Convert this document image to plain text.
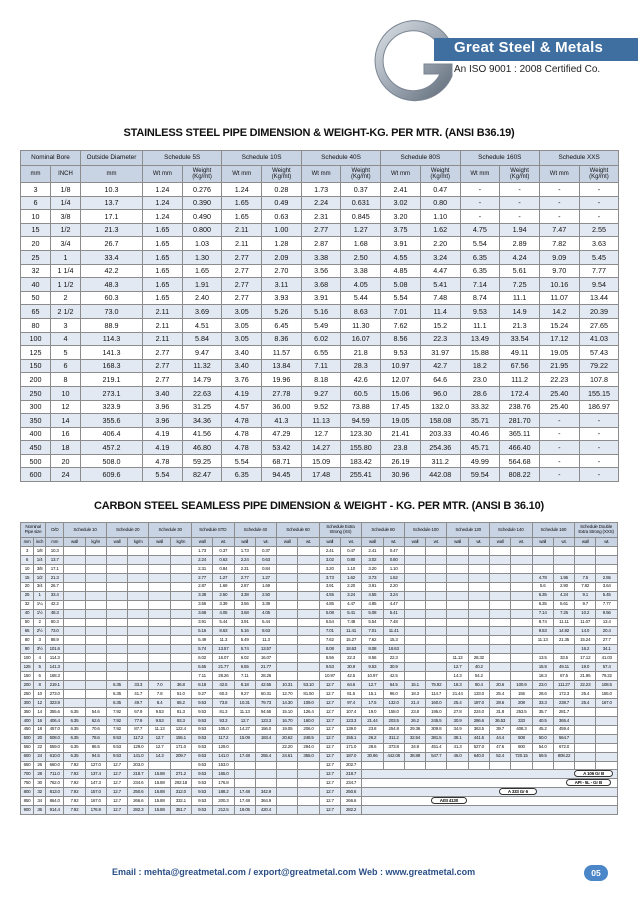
Great Steel & Metals
An ISO 9001 : 2008 Certified Co.
STAINLESS STEEL PIPE DIMENSION & WEIGHT-KG. PER MTR. (ANSI B36.19)
Nominal Bore		Outside Diameter	Schedule 5S		Schedule 10S		Schedule 40S		Schedule 80S		Schedule 160S		Schedule XXS	
mm	INCH	mm	Wt mm	Weight (Kg/mt)	Wt mm	Weight (Kg/mt)	Wt mm	Weight (Kg/mt)	Wt mm	Weight (Kg/mt)	Wt mm	Weight (Kg/mt)	Wt mm	Weight (Kg/mt)
3	1/8	10.3	1.24	0.276	1.24	0.28	1.73	0.37	2.41	0.47	-	-	-	-
6	1/4	13.7	1.24	0.390	1.65	0.49	2.24	0.631	3.02	0.80	-	-	-	-
10	3/8	17.1	1.24	0.490	1.65	0.63	2.31	0.845	3.20	1.10	-	-	-	-
15	1/2	21.3	1.65	0.800	2.11	1.00	2.77	1.27	3.75	1.62	4.75	1.94	7.47	2.55
20	3/4	26.7	1.65	1.03	2.11	1.28	2.87	1.68	3.91	2.20	5.54	2.89	7.82	3.63
25	1	33.4	1.65	1.30	2.77	2.09	3.38	2.50	4.55	3.24	6.35	4.24	9.09	5.45
32	1 1/4	42.2	1.65	1.65	2.77	2.70	3.56	3.38	4.85	4.47	6.35	5.61	9.70	7.77
40	1 1/2	48.3	1.65	1.91	2.77	3.11	3.68	4.05	5.08	5.41	7.14	7.25	10.16	9.54
50	2	60.3	1.65	2.40	2.77	3.93	3.91	5.44	5.54	7.48	8.74	11.1	11.07	13.44
65	2 1/2	73.0	2.11	3.69	3.05	5.26	5.16	8.63	7.01	11.4	9.53	14.9	14.2	20.39
80	3	88.9	2.11	4.51	3.05	6.45	5.49	11.30	7.62	15.2	11.1	21.3	15.24	27.65
100	4	114.3	2.11	5.84	3.05	8.36	6.02	16.07	8.56	22.3	13.49	33.54	17.12	41.03
125	5	141.3	2.77	9.47	3.40	11.57	6.55	21.8	9.53	31.97	15.88	49.11	19.05	57.43
150	6	168.3	2.77	11.32	3.40	13.84	7.11	28.3	10.97	42.7	18.2	67.56	21.95	79.22
200	8	219.1	2.77	14.79	3.76	19.96	8.18	42.6	12.07	64.6	23.0	111.2	22.23	107.8
250	10	273.1	3.40	22.63	4.19	27.78	9.27	60.5	15.06	96.0	28.6	172.4	25.40	155.15
300	12	323.9	3.96	31.25	4.57	36.00	9.52	73.88	17.45	132.0	33.32	238.76	25.40	186.97
350	14	355.6	3.96	34.36	4.78	41.3	11.13	94.59	19.05	158.08	35.71	281.70	-	-
400	16	406.4	4.19	41.56	4.78	47.29	12.7	123.30	21.41	203.33	40.46	365.11	-	-
450	18	457.2	4.19	46.80	4.78	53.42	14.27	155.80	23.8	254.36	45.71	466.40	-	-
500	20	508.0	4.78	59.25	5.54	68.71	15.09	183.42	26.19	311.2	49.99	564.68	-	-
600	24	609.6	5.54	82.47	6.35	94.45	17.48	255.41	30.96	442.08	59.54	808.22	-	-
CARBON STEEL SEAMLESS PIPE DIMENSION & WEIGHT - KG. PER MTR. (ANSI B 36.10)
Nominal Pipe size		O/D	Schedule 10		Schedule 20		Schedule 30		Schedule STD		Schedule 40		Schedule 60		Schedule Extra Strong (XS)		Schedule 80		Schedule 100		Schedule 120		Schedule 140		Schedule 160		Schedule Double Extra Strong (XXS)	
mm	inch	mm	wall	kg/m	wall	kg/m	wall	kg/m	wall	wt.	wall	wt.	wall	wt.	wall	wt.	wall	wt.	wall	wt.	wall	wt.	wall	wt.	wall	wt.	wall	wt.
3	1/8	10.3							1.73	0.37	1.73	0.37			2.41	0.47	2.41	0.47										
6	1/4	13.7							2.24	0.63	2.24	0.63			3.02	0.80	3.02	0.80										
10	3/8	17.1							2.31	0.84	2.31	0.84			3.20	1.10	3.20	1.10										
15	1/2	21.3							2.77	1.27	2.77	1.27			3.73	1.62	3.73	1.62							4.78	1.95	7.5	2.55
20	3/4	26.7							2.87	1.69	2.87	1.69			3.91	2.20	3.91	2.20							5.6	2.90	7.82	3.64
25	1	33.4							3.38	2.50	3.38	2.50			4.55	3.24	4.55	3.24							6.35	4.24	9.1	5.45
32	1¼	42.2							3.56	3.39	3.56	3.39			4.85	4.47	4.85	4.47							6.35	5.61	9.7	7.77
40	1½	48.3							3.68	4.05	3.68	4.05			5.08	5.41	5.08	5.41							7.14	7.25	10.2	9.56
50	2	60.3							3.91	5.44	3.91	5.44			5.54	7.48	5.54	7.48							8.74	11.11	11.07	13.4
65	2½	73.0							5.16	8.63	5.16	8.63			7.01	11.41	7.01	11.41							9.53	14.92	14.0	20.4
80	3	88.9							5.49	11.3	5.49	11.3			7.62	15.27	7.62	15.3							11.13	21.35	15.24	27.7
90	3½	101.6							5.74	13.57	5.74	13.57			8.08	18.63	8.08	18.63									16.2	34.1
100	4	114.3							6.02	16.07	6.02	16.07			8.56	22.3	8.56	22.3			11.13	28.32			13.5	33.5	17.12	41.03
125	5	141.3							6.55	21.77	6.55	21.77			9.53	30.9	9.53	30.9			12.7	40.2			15.9	49.11	19.0	57.4
150	6	168.3							7.11	28.26	7.11	28.26			10.97	42.5	10.97	42.5			14.3	54.2			18.3	67.5	21.95	79.22
200	8	219.1			6.35	33.3	7.0	36.8	8.18	42.5	8.18	42.55	10.31	53.10	12.7	64.6	12.7	64.5	15.1	75.92	18.3	90.4	20.6	100.9	23.0	111.27	22.23	108.5
250	10	273.0			6.35	41.7	7.8	51.0	9.27	60.3	9.27	60.31	12.70	81.50	12.7	81.5	15.1	96.0	18.3	114.7	21.44	133.0	25.4	155	28.6	172.3	25.4	155.0
300	12	323.9			6.35	49.7	8.4	65.2	9.53	73.8	10.31	79.73	14.30	109.0	12.7	97.4	17.5	132.0	21.4	160.0	25.4	187.0	28.6	208	33.3	238.7	25.4	167.0
350	14	355.6	6.35	54.6	7.92	67.9	9.53	81.3	9.53	81.3	11.13	94.55	15.10	126.4	12.7	107.4	19.0	158.0	23.8	195.0	27.8	224.0	31.8	253.5	35.7	281.7		
400	16	406.4	6.35	62.6	7.92	77.9	9.53	93.3	9.53	93.3	12.7	123.3	16.70	160.0	12.7	123.3	21.44	203.5	26.2	245.5	30.9	286.6	36.53	333	40.5	365.4		
450	18	457.0	6.35	70.6	7.92	87.7	11.13	122.4	9.53	105.0	14.27	156.0	19.05	206.0	12.7	139.0	23.8	254.8	29.36	309.8	34.9	363.5	39.7	408.3	45.2	459.4		
500	20	508.0	6.35	78.6	9.53	117.2	12.7	155.1	9.53	117.2	15.09	183.4	20.62	248.5	12.7	155.1	26.2	311.2	32.54	381.5	38.1	441.5	44.4	508	50.0	564.7		
550	22	559.0	6.35	86.5	9.53	129.0	12.7	171.0	9.53	129.0			22.20	294.0	12.7	171.0	28.6	373.8	34.9	451.4	41.3	527.0	47.6	600	54.0	672.0		
600	24	610.0	6.35	94.5	9.53	141.0	14.3	209.7	9.53	141.0	17.48	255.4	24.61	355.0	12.7	187.0	30.96	442.08	38.89	547.7	46.0	640.0	52.4	720.15	59.5	808.22		
650	26	660.0	7.92	127.0	12.7	203.0			9.53	153.0					12.7	202.7												
700	28	711.0	7.92	137.4	12.7	218.7	15.88	271.2	9.53	165.0					12.7	218.7	A 106 Gr B											
750	30	762.0	7.92	147.3	12.7	234.6	15.88	292.18	9.53	176.8					12.7	234.7	API - 5L - Gr B											
800	32	813.0	7.92	157.0	12.7	250.6	15.88	312.0	9.53	188.2	17.48	342.9			12.7	250.6	A 333 Gr 6											
850	34	864.0	7.92	167.0	12.7	266.6	15.88	332.1	9.53	200.3	17.48	364.9			12.7	266.6	AISI 4130											
900	36	914.4	7.92	176.9	12.7	282.3	15.88	351.7	9.53	212.5	19.05	420.4			12.7	282.2												
Email : mehta@greatmetal.com / export@greatmetal.com Web : www.greatmetal.com	05
